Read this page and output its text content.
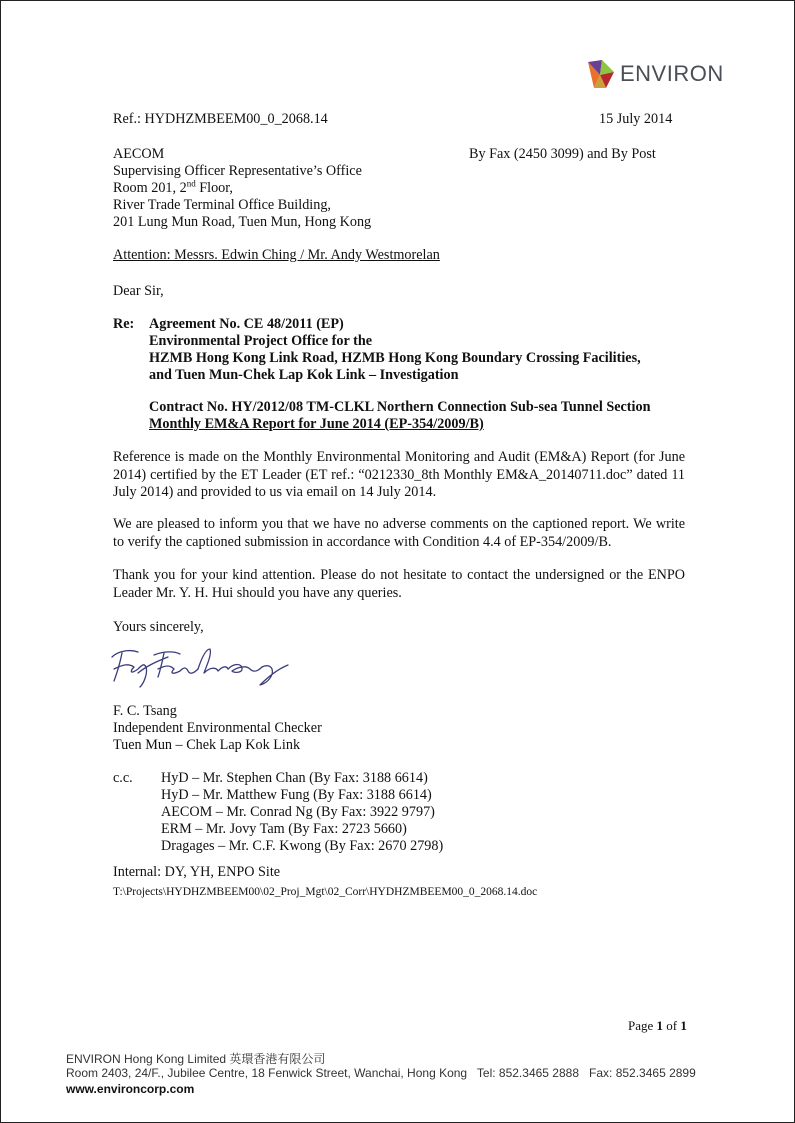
ENVIRON
Ref.: HYDHZMBEEM00_0_2068.14	15 July 2014
AECOM
Supervising Officer Representative’s Office
Room 201, 2nd Floor,
River Trade Terminal Office Building,
201 Lung Mun Road, Tuen Mun, Hong Kong
By Fax (2450 3099) and By Post
Attention: Messrs. Edwin Ching / Mr. Andy Westmorelan
Dear Sir,
Re: Agreement No. CE 48/2011 (EP)
Environmental Project Office for the
HZMB Hong Kong Link Road, HZMB Hong Kong Boundary Crossing Facilities,
and Tuen Mun-Chek Lap Kok Link – Investigation
Contract No. HY/2012/08 TM-CLKL Northern Connection Sub-sea Tunnel Section
Monthly EM&A Report for June 2014 (EP-354/2009/B)
Reference is made on the Monthly Environmental Monitoring and Audit (EM&A) Report (for June 2014) certified by the ET Leader (ET ref.: “0212330_8th Monthly EM&A_20140711.doc” dated 11 July 2014) and provided to us via email on 14 July 2014.
We are pleased to inform you that we have no adverse comments on the captioned report. We write to verify the captioned submission in accordance with Condition 4.4 of EP-354/2009/B.
Thank you for your kind attention. Please do not hesitate to contact the undersigned or the ENPO Leader Mr. Y. H. Hui should you have any queries.
Yours sincerely,
F. C. Tsang
Independent Environmental Checker
Tuen Mun – Chek Lap Kok Link
c.c. HyD – Mr. Stephen Chan (By Fax: 3188 6614)
HyD – Mr. Matthew Fung (By Fax: 3188 6614)
AECOM – Mr. Conrad Ng (By Fax: 3922 9797)
ERM – Mr. Jovy Tam (By Fax: 2723 5660)
Dragages – Mr. C.F. Kwong (By Fax: 2670 2798)
Internal: DY, YH, ENPO Site
T:\Projects\HYDHZMBEEM00\02_Proj_Mgt\02_Corr\HYDHZMBEEM00_0_2068.14.doc
Page 1 of 1
ENVIRON Hong Kong Limited 英環香港有限公司
Room 2403, 24/F., Jubilee Centre, 18 Fenwick Street, Wanchai, Hong Kong Tel: 852.3465 2888 Fax: 852.3465 2899
www.environcorp.com
